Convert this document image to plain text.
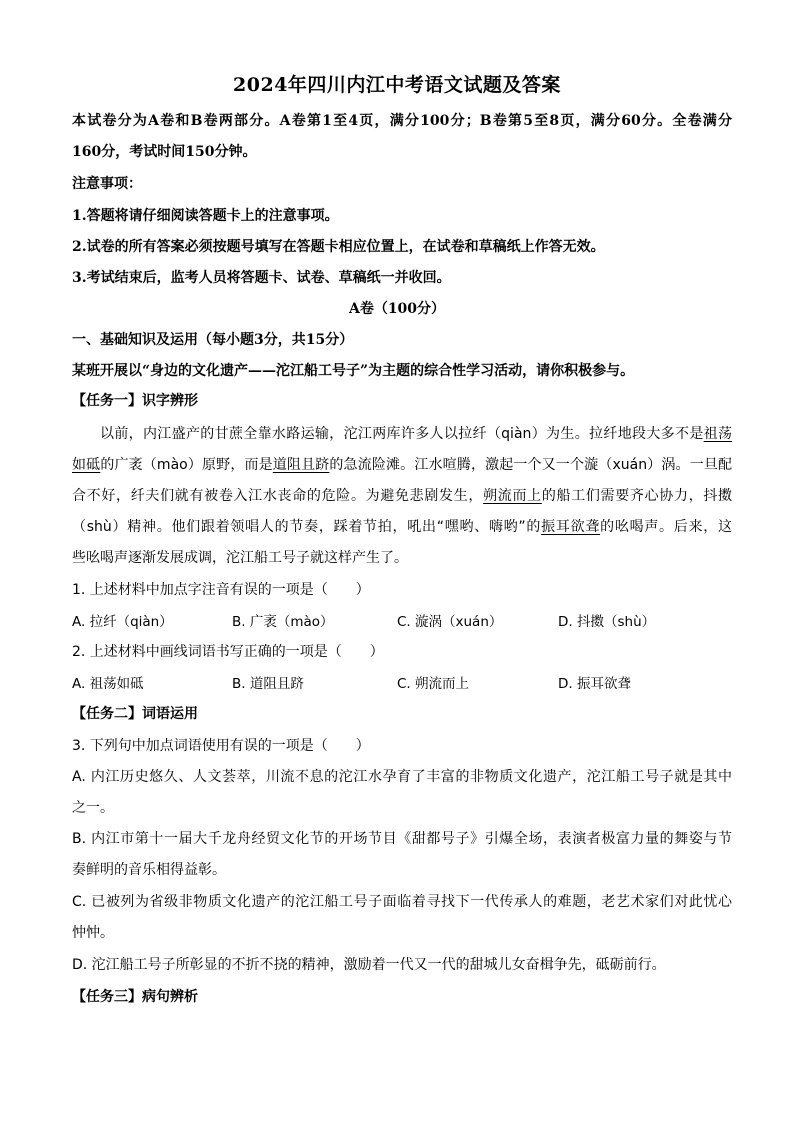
2024年四川内江中考语文试题及答案
本试卷分为A卷和B卷两部分。A卷第1至4页，满分100分；B卷第5至8页，满分60分。全卷满分
160分，考试时间150分钟。
注意事项：
1.答题将请仔细阅读答题卡上的注意事项。
2.试卷的所有答案必须按题号填写在答题卡相应位置上，在试卷和草稿纸上作答无效。
3.考试结束后，监考人员将答题卡、试卷、草稿纸一并收回。
A卷（100分）
一、基础知识及运用（每小题3分，共15分）
某班开展以“身边的文化遗产——沱江船工号子”为主题的综合性学习活动，请你积极参与。
【任务一】识字辨形
以前，内江盛产的甘蔗全靠水路运输，沱江两库许多人以拉纤（qiàn）为生。拉纤地段大多不是祖荡
如砥的广袤（mào）原野，而是道阻且跻的急流险滩。江水喧腾，激起一个又一个漩（xuán）涡。一旦配
合不好，纤夫们就有被卷入江水丧命的危险。为避免悲剧发生，朔流而上的船工们需要齐心协力，抖擞
（shù）精神。他们跟着领唱人的节奏，踩着节拍，吼出“嘿哟、嗨哟”的振耳欲聋的吆喝声。后来，这
些吆喝声逐渐发展成调，沱江船工号子就这样产生了。
1. 上述材料中加点字注音有误的一项是（　　）
A. 拉纤（qiàn）	B. 广袤（mào）	C. 漩涡（xuán）	D. 抖擞（shù）
2. 上述材料中画线词语书写正确的一项是（　　）
A. 祖荡如砥	B. 道阻且跻	C. 朔流而上	D. 振耳欲聋
【任务二】词语运用
3. 下列句中加点词语使用有误的一项是（　　）
A. 内江历史悠久、人文荟萃，川流不息的沱江水孕育了丰富的非物质文化遗产，沱江船工号子就是其中
之一。
B. 内江市第十一届大千龙舟经贸文化节的开场节目《甜都号子》引爆全场，表演者极富力量的舞姿与节
奏鲜明的音乐相得益彰。
C. 已被列为省级非物质文化遗产的沱江船工号子面临着寻找下一代传承人的难题，老艺术家们对此忧心
忡忡。
D. 沱江船工号子所彰显的不折不挠的精神，激励着一代又一代的甜城儿女奋楫争先，砥砺前行。
【任务三】病句辨析
